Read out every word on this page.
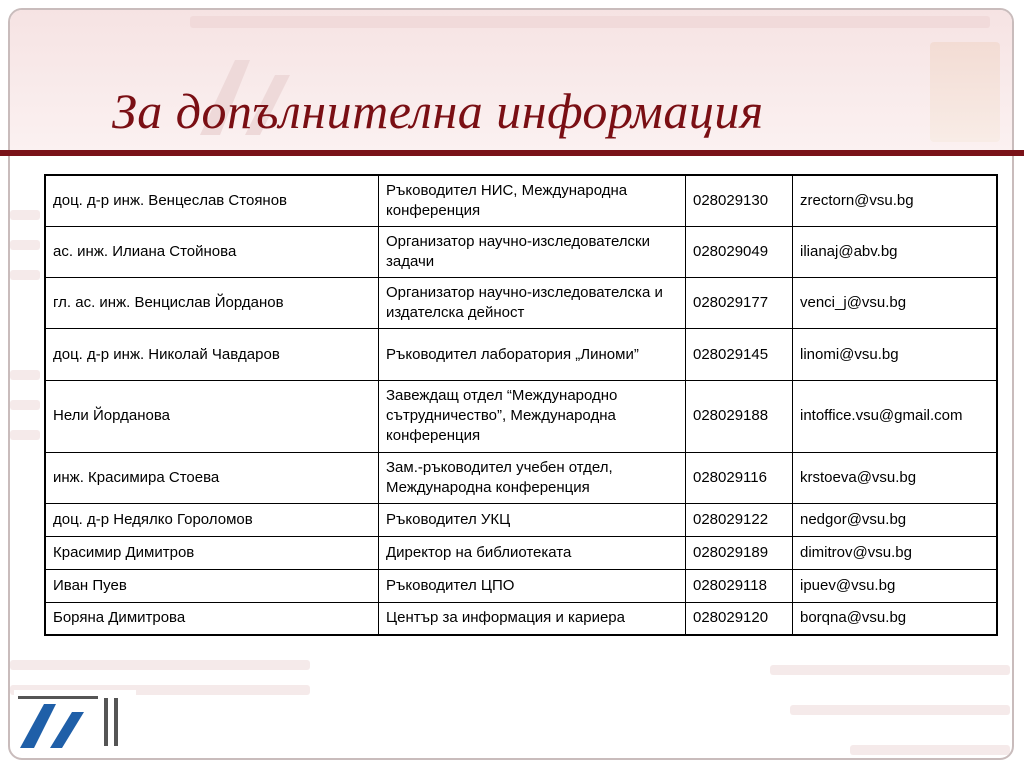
За допълнителна информация
доц. д-р инж. Венцеслав Стоянов	Ръководител НИС, Международна конференция	028029130	zrectorn@vsu.bg
ас. инж. Илиана Стойнова	Организатор научно-изследователски задачи	028029049	ilianaj@abv.bg
гл. ас. инж. Венцислав Йорданов	Организатор научно-изследователска и издателска дейност	028029177	venci_j@vsu.bg
доц. д-р инж. Николай Чавдаров	Ръководител лаборатория „Линоми”	028029145	linomi@vsu.bg
Нели Йорданова	Завеждащ отдел “Международно сътрудничество”, Международна конференция	028029188	intoffice.vsu@gmail.com
инж. Красимира Стоева	Зам.-ръководител учебен отдел, Международна конференция	028029116	krstoeva@vsu.bg
доц. д-р Недялко Гороломов	Ръководител УКЦ	028029122	nedgor@vsu.bg
Красимир Димитров	Директор на библиотеката	028029189	dimitrov@vsu.bg
Иван Пуев	Ръководител ЦПО	028029118	ipuev@vsu.bg
Боряна Димитрова	Център за информация и кариера	028029120	borqna@vsu.bg
